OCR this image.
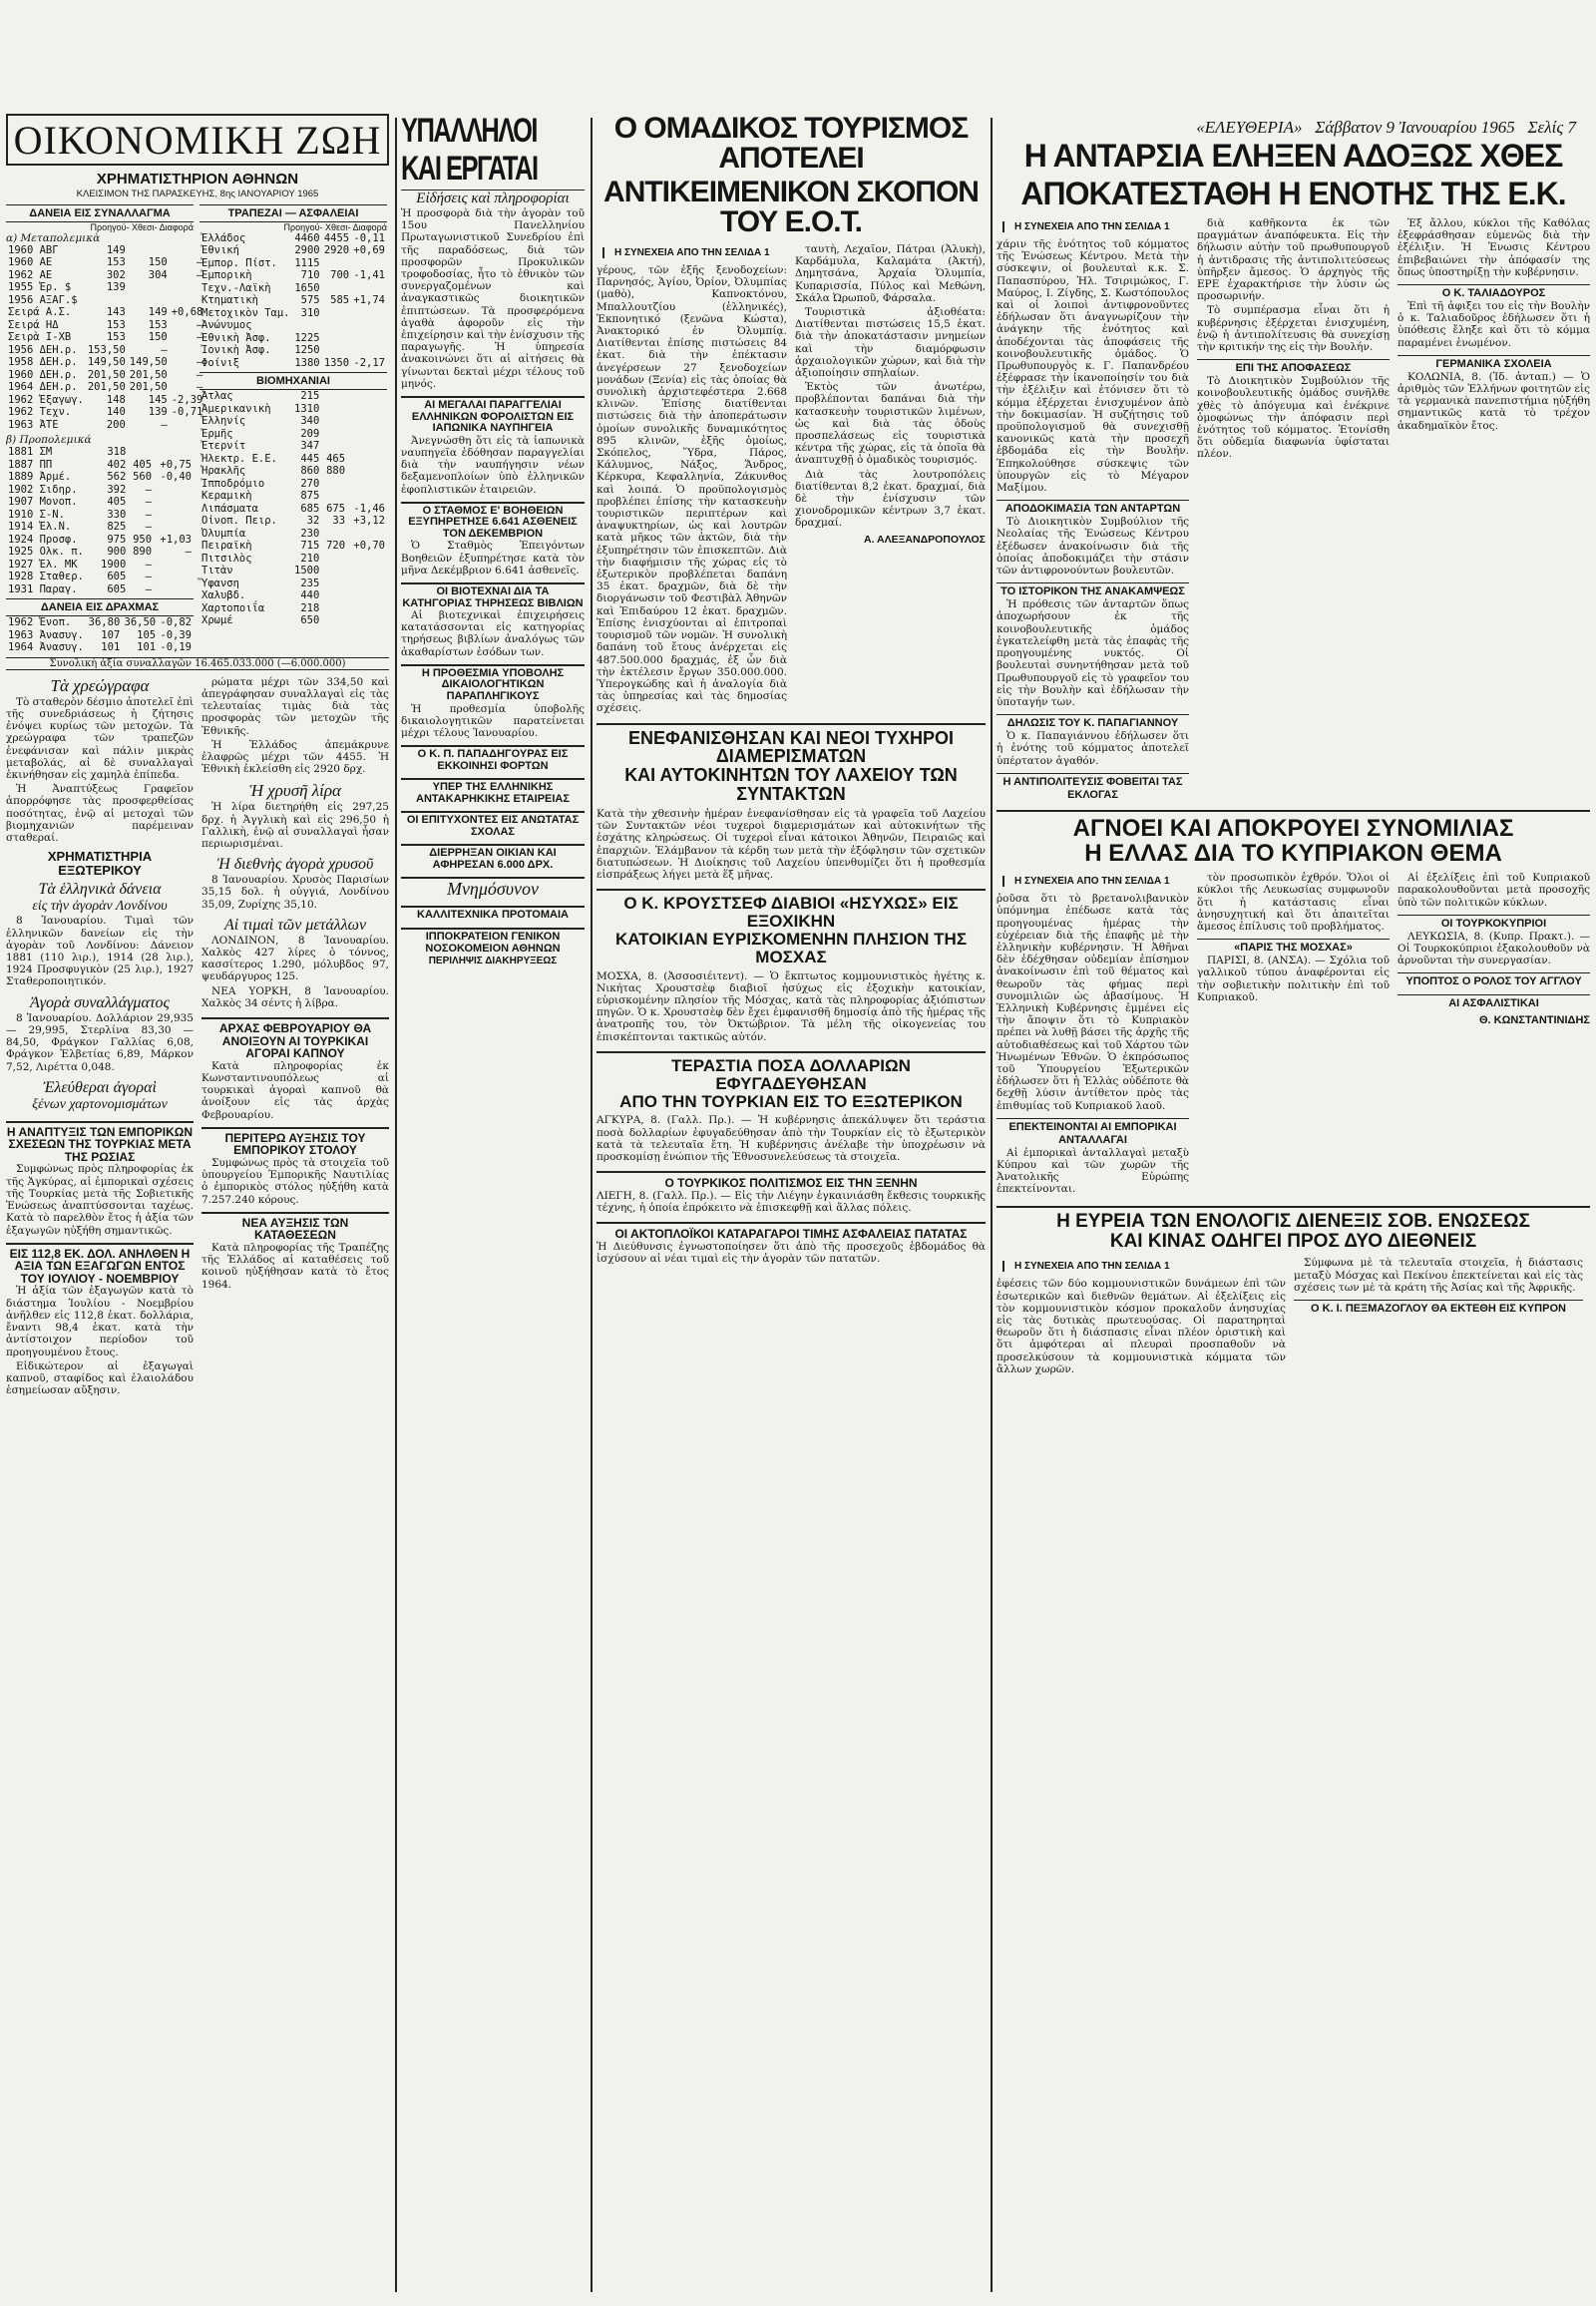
«ΕΛΕΥΘΕΡΙΑ» Σάββατον 9 Ἰανουαρίου 1965 Σελίς 7
ΟΙΚΟΝΟΜΙΚΗ ΖΩΗ
ΧΡΗΜΑΤΙΣΤΗΡΙΟΝ ΑΘΗΝΩΝ
ΚΛΕΙΣΙΜΟΝ ΤΗΣ ΠΑΡΑΣΚΕΥΗΣ, 8ης ΙΑΝΟΥΑΡΙΟΥ 1965
ΔΑΝΕΙΑ ΕΙΣ ΣΥΝΑΛΛΑΓΜΑ
Προηγού- Χθεσι- Διαφορά
α) Μεταπολεμικὰ
1960 ΑΒΓ	149		
1960 ΑΕ	153	150	—
1962 ΑΕ	302	304	—
1955 Ἐρ. $	139		
1956 ΑΞΑΓ.$			
Σειρά Α.Σ.	143	149	+0,68
Σειρά ΗΔ	153	153	—
Σειρὰ Ι-ΧΒ	153	150	—
1956 ΔΕΗ.ρ.	153,50	—	
1958 ΔΕΗ.ρ.	149,50	149,50	—
1960 ΔΕΗ.ρ.	201,50	201,50	—
1964 ΔΕΗ.ρ.	201,50	201,50	—
1962 Ἐξαγωγ.	148	145	-2,39
1962 Τεχν.	140	139	-0,71
1963 ἈΤΕ	200	—	
β) Προπολεμικά
1881 ΣΜ	318		
1887 ΠΠ	402	405	+0,75
1889 Ἀρμέ.	562	560	-0,40
1902 Σιδηρ.	392	—	
1907 Μονοπ.	405	—	
1910 Σ-Ν.	330	—	
1914 Ἐλ.Ν.	825	—	
1924 Προσφ.	975	950	+1,03
1925 Ολκ. π.	900	890	—
1927 Ἐλ. ΜΚ	1900	—	
1928 Σταθερ.	605	—	
1931 Παραγ.	605	—	
ΔΑΝΕΙΑ ΕΙΣ ΔΡΑΧΜΑΣ
1962 Ἐνοπ.	36,80	36,50	-0,82
1963 Ἀνασυγ.	107	105	-0,39
1964 Ἀνασυγ.	101	101	-0,19
ΤΡΑΠΕΖΑΙ — ΑΣΦΑΛΕΙΑΙ
Προηγού- Χθεσι- Διαφορά
Ἑλλάδος	4460	4455	-0,11
Ἐθνική	2900	2920	+0,69
Ἐμπορ. Πίστ.	1115		
Ἐμπορικὴ	710	700	-1,41
Τεχν.-Λαϊκὴ	1650		
Κτηματικὴ	575	585	+1,74
Μετοχικὸν Ταμ.	310		
Ἀνώνυμος			
Ἐθνικὴ Ἀσφ.	1225		
Ἰονικὴ Ἀσφ.	1250		
Φοίνιξ	1380	1350	-2,17
ΒΙΟΜΗΧΑΝΙΑΙ
Ἀτλας	215		
Ἀμερικανικὴ	1310		
Ἑλληνίς	340		
Ἑρμῆς	209		
Ἐτερνίτ	347		
Ἠλεκτρ. Ε.Ε.	445	465	
Ἡρακλῆς	860	880	
Ἰπποδρόμιο	270		
Κεραμικὴ	875		
Λιπάσματα	685	675	-1,46
Οἰνοπ. Πειρ.	32	33	+3,12
Ὀλυμπία	230		
Πειραϊκὴ	715	720	+0,70
Πιτσιλὸς	210		
Τιτὰν	1500		
Ὕφανση	235		
Χαλυβδ.	440		
Χαρτοποιΐα	218		
Χρωμέ	650		
Συνολικὴ ἀξία συναλλαγῶν 16.465.033.000 (—6.000.000)
Τὰ χρεώγραφα

Τὸ σταθερὸν δέσμιο ἀποτελεῖ ἐπὶ τῆς συνεδριάσεως ἡ ζήτησις ἐνόψει κυρίως τῶν μετοχῶν. Τὰ χρεώγραφα τῶν τραπεζῶν ἐνεφάνισαν καὶ πάλιν μικρὰς μεταβολάς, αἱ δὲ συναλλαγαὶ ἐκινήθησαν εἰς χαμηλὰ ἐπίπεδα.

Ἡ Ἀναπτύξεως Γραφεῖον ἀπορρόφησε τὰς προσφερθείσας ποσότητας, ἐνῷ αἱ μετοχαὶ τῶν βιομηχανιῶν παρέμειναν σταθεραί.

ΧΡΗΜΑΤΙΣΤΗΡΙΑ ΕΞΩΤΕΡΙΚΟΥ
Τὰ ἑλληνικὰ δάνεια
εἰς τὴν ἀγορὰν Λονδίνου

8 Ἰανουαρίου. Τιμαὶ τῶν ἑλληνικῶν δανείων εἰς τὴν ἀγορὰν τοῦ Λονδίνου: Δάνειον 1881 (110 λιρ.), 1914 (28 λιρ.), 1924 Προσφυγικὸν (25 λιρ.), 1927 Σταθεροποιητικόν.

Ἀγορὰ συναλλάγματος

8 Ἰανουαρίου. Δολλάριον 29,935 — 29,995, Στερλίνα 83,30 — 84,50, Φράγκον Γαλλίας 6,08, Φράγκον Ἑλβετίας 6,89, Μάρκον 7,52, Λιρέττα 0,048.

Ἐλεύθεραι ἀγοραὶ
ξένων χαρτονομισμάτων
Η ΑΝΑΠΤΥΞΙΣ ΤΩΝ ΕΜΠΟΡΙΚΩΝ ΣΧΕΣΕΩΝ ΤΗΣ ΤΟΥΡΚΙΑΣ ΜΕΤΑ ΤΗΣ ΡΩΣΙΑΣ

Συμφώνως πρὸς πληροφορίας ἐκ τῆς Ἀγκύρας, αἱ ἐμπορικαὶ σχέσεις τῆς Τουρκίας μετὰ τῆς Σοβιετικῆς Ἑνώσεως ἀναπτύσσονται ταχέως. Κατὰ τὸ παρελθὸν ἔτος ἡ ἀξία τῶν ἐξαγωγῶν ηὐξήθη σημαντικῶς.

ΕΙΣ 112,8 ΕΚ. ΔΟΛ. ΑΝΗΛΘΕΝ Η ΑΞΙΑ ΤΩΝ ΕΞΑΓΩΓΩΝ ΕΝΤΟΣ ΤΟΥ ΙΟΥΛΙΟΥ - ΝΟΕΜΒΡΙΟΥ

Ἡ ἀξία τῶν ἐξαγωγῶν κατὰ τὸ διάστημα Ἰουλίου - Νοεμβρίου ἀνῆλθεν εἰς 112,8 ἑκατ. δολλάρια, ἔναντι 98,4 ἑκατ. κατὰ τὴν ἀντίστοιχον περίοδον τοῦ προηγουμένου ἔτους.

Εἰδικώτερον αἱ ἐξαγωγαὶ καπνοῦ, σταφίδος καὶ ἐλαιολάδου ἐσημείωσαν αὔξησιν.

ρώματα μέχρι τῶν 334,50 καὶ ἀπεγράφησαν συναλλαγαὶ εἰς τὰς τελευταίας τιμὰς διὰ τὰς προσφορὰς τῶν μετοχῶν τῆς Ἐθνικῆς.

Ἡ Ἑλλάδος ἀπεμάκρυνε ἐλαφρῶς μέχρι τῶν 4455. Ἡ Ἐθνικὴ ἐκλείσθη εἰς 2920 δρχ.

Ἡ χρυσῆ λίρα

Ἡ λίρα διετηρήθη εἰς 297,25 δρχ. ἡ Ἀγγλικὴ καὶ εἰς 296,50 ἡ Γαλλικὴ, ἐνῷ αἱ συναλλαγαὶ ἦσαν περιωρισμέναι.

Ἡ διεθνὴς ἀγορὰ χρυσοῦ

8 Ἰανουαρίου. Χρυσὸς Παρισίων 35,15 δολ. ἡ οὐγγιά, Λονδίνου 35,09, Ζυρίχης 35,10.

Αἱ τιμαὶ τῶν μετάλλων

ΛΟΝΔΙΝΟΝ, 8 Ἰανουαρίου. Χαλκὸς 427 λίρες ὁ τόννος, κασσίτερος 1.290, μόλυβδος 97, ψευδάργυρος 125.

ΝΕΑ ΥΟΡΚΗ, 8 Ἰανουαρίου. Χαλκὸς 34 σέντς ἡ λίβρα.

ΑΡΧΑΣ ΦΕΒΡΟΥΑΡΙΟΥ ΘΑ ΑΝΟΙΞΟΥΝ ΑΙ ΤΟΥΡΚΙΚΑΙ ΑΓΟΡΑΙ ΚΑΠΝΟΥ

Κατὰ πληροφορίας ἐκ Κωνσταντινουπόλεως αἱ τουρκικαὶ ἀγοραὶ καπνοῦ θὰ ἀνοίξουν εἰς τὰς ἀρχὰς Φεβρουαρίου.

ΠΕΡΙΤΕΡΩ ΑΥΞΗΣΙΣ ΤΟΥ ΕΜΠΟΡΙΚΟΥ ΣΤΟΛΟΥ

Συμφώνως πρὸς τὰ στοιχεῖα τοῦ ὑπουργείου Ἐμπορικῆς Ναυτιλίας ὁ ἐμπορικὸς στόλος ηὐξήθη κατὰ 7.257.240 κόρους.

ΝΕΑ ΑΥΞΗΣΙΣ ΤΩΝ ΚΑΤΑΘΕΣΕΩΝ

Κατὰ πληροφορίας τῆς Τραπέζης τῆς Ἑλλάδος αἱ καταθέσεις τοῦ κοινοῦ ηὐξήθησαν κατὰ τὸ ἔτος 1964.

ΥΠΑΛΛΗΛΟΙ
ΚΑΙ ΕΡΓΑΤΑΙ
Εἰδήσεις καὶ πληροφορίαι
Ἡ προσφορὰ διὰ τὴν ἀγορὰν τοῦ 15ου Πανελληνίου Πρωταγωνιστικοῦ Συνεδρίου ἐπὶ τῆς παραδόσεως, διὰ τῶν προσφορῶν Προκυλικῶν τροφοδοσίας, ἦτο τὸ ἐθνικὸν τῶν συνεργαζομένων καὶ ἀναγκαστικῶς διοικητικῶν ἐπιπτώσεων. Τὰ προσφερόμενα ἀγαθὰ ἀφοροῦν εἰς τὴν ἐπιχείρησιν καὶ τὴν ἐνίσχυσιν τῆς παραγωγῆς. Ἡ ὑπηρεσία ἀνακοινώνει ὅτι αἱ αἰτήσεις θὰ γίνωνται δεκταὶ μέχρι τέλους τοῦ μηνός.
ΑΙ ΜΕΓΑΛΑΙ ΠΑΡΑΓΓΕΛΙΑΙ ΕΛΛΗΝΙΚΩΝ ΦΟΡΟΛΙΣΤΩΝ ΕΙΣ ΙΑΠΩΝΙΚΑ ΝΑΥΠΗΓΕΙΑ

Ἀνεγνώσθη ὅτι εἰς τὰ ἰαπωνικὰ ναυπηγεῖα ἐδόθησαν παραγγελίαι διὰ τὴν ναυπήγησιν νέων δεξαμενοπλοίων ὑπὸ ἑλληνικῶν ἐφοπλιστικῶν ἑταιρειῶν.

Ο ΣΤΑΘΜΟΣ Ε' ΒΟΗΘΕΙΩΝ ΕΞΥΠΗΡΕΤΗΣΕ 6.641 ΑΣΘΕΝΕΙΣ ΤΟΝ ΔΕΚΕΜΒΡΙΟΝ

Ὁ Σταθμὸς Ἐπειγόντων Βοηθειῶν ἐξυπηρέτησε κατὰ τὸν μῆνα Δεκέμβριον 6.641 ἀσθενεῖς.

ΟΙ ΒΙΟΤΕΧΝΑΙ ΔΙΑ ΤΑ ΚΑΤΗΓΟΡΙΑΣ ΤΗΡΗΣΕΩΣ ΒΙΒΛΙΩΝ

Αἱ βιοτεχνικαὶ ἐπιχειρήσεις κατατάσσονται εἰς κατηγορίας τηρήσεως βιβλίων ἀναλόγως τῶν ἀκαθαρίστων ἐσόδων των.

Η ΠΡΟΘΕΣΜΙΑ ΥΠΟΒΟΛΗΣ ΔΙΚΑΙΟΛΟΓΗΤΙΚΩΝ ΠΑΡΑΠΛΗΓΙΚΟΥΣ

Ἡ προθεσμία ὑποβολῆς δικαιολογητικῶν παρατείνεται μέχρι τέλους Ἰανουαρίου.

Ο Κ. Π. ΠΑΠΑΔΗΓΟΥΡΑΣ ΕΙΣ ΕΚΚΟΙΝΗΣΙ ΦΟΡΤΩΝ
ΥΠΕΡ ΤΗΣ ΕΛΛΗΝΙΚΗΣ ΑΝΤΑΚΑΡΗΚΙΚΗΣ ΕΤΑΙΡΕΙΑΣ
ΟΙ ΕΠΙΤΥΧΟΝΤΕΣ ΕΙΣ ΑΝΩΤΑΤΑΣ ΣΧΟΛΑΣ
ΔΙΕΡΡΗΞΑΝ ΟΙΚΙΑΝ ΚΑΙ ΑΦΗΡΕΣΑΝ 6.000 ΔΡΧ.
Μνημόσυνον
ΚΑΛΛΙΤΕΧΝΙΚΑ ΠΡΟΤΟΜΑΙΑ
ΙΠΠΟΚΡΑΤΕΙΟΝ ΓΕΝΙΚΟΝ ΝΟΣΟΚΟΜΕΙΟΝ ΑΘΗΝΩΝ
ΠΕΡΙΛΗΨΙΣ ΔΙΑΚΗΡΥΞΕΩΣ
Ο ΟΜΑΔΙΚΟΣ ΤΟΥΡΙΣΜΟΣ ΑΠΟΤΕΛΕΙ
ΑΝΤΙΚΕΙΜΕΝΙΚΟΝ ΣΚΟΠΟΝ ΤΟΥ Ε.Ο.Τ.
Η ΣΥΝΕΧΕΙΑ ΑΠΟ ΤΗΝ ΣΕΛΙΔΑ 1
γέρους, τῶν ἐξῆς ξενοδοχείων: Παρνησός, Ἀγίου, Ὀρίον, Ὀλυμπίας (μαθὸ), Καπνοκτόνου, Μπαλλουτζίου (ἑλληνικές), Ἐκπονητικό (ξενῶνα Κώστα), Ἀνακτορικό ἐν Ὀλυμπίᾳ. Διατίθενται ἐπίσης πιστώσεις 84 ἑκατ. διὰ τὴν ἐπέκτασιν ἀνεγέρσεων 27 ξενοδοχείων μονάδων (Ξενία) εἰς τὰς ὁποίας θὰ συνολικὴ ἀρχιστεφέστερα 2.668 κλινῶν. Ἐπίσης διατίθενται πιστώσεις διὰ τὴν ἀποπεράτωσιν ὁμοίων συνολικῆς δυναμικότητος 895 κλινῶν, ἐξῆς ὁμοίως, Σκόπελος, Ὕδρα, Πάρος, Κάλυμνος, Νάξος, Ἄνδρος, Κέρκυρα, Κεφαλληνία, Ζάκυνθος καὶ λοιπά. Ὁ προϋπολογισμὸς προβλέπει ἐπίσης τὴν κατασκευὴν τουριστικῶν περιπτέρων καὶ ἀναψυκτηρίων, ὡς καὶ λουτρῶν κατὰ μῆκος τῶν ἀκτῶν, διὰ τὴν ἐξυπηρέτησιν τῶν ἐπισκεπτῶν. Διὰ τὴν διαφήμισιν τῆς χώρας εἰς τὸ ἐξωτερικὸν προβλέπεται δαπάνη 35 ἑκατ. δραχμῶν, διὰ δὲ τὴν διοργάνωσιν τοῦ Φεστιβὰλ Ἀθηνῶν καὶ Ἐπιδαύρου 12 ἑκατ. δραχμῶν. Ἐπίσης ἐνισχύονται αἱ ἐπιτροπαὶ τουρισμοῦ τῶν νομῶν. Ἡ συνολικὴ δαπάνη τοῦ ἔτους ἀνέρχεται εἰς 487.500.000 δραχμάς, ἐξ ὧν διὰ τὴν ἐκτέλεσιν ἔργων 350.000.000. Ὑπερογκώδης καὶ ἡ ἀναλογία διὰ τὰς ὑπηρεσίας καὶ τὰς δημοσίας σχέσεις.

ταυτὴ, Λεχαῖον, Πάτραι (Ἀλυκὴ), Καρδάμυλα, Καλαμάτα (Ἀκτή), Δημητσάνα, Ἀρχαία Ὀλυμπία, Κυπαρισσία, Πύλος καὶ Μεθώνη, Σκάλα Ὠρωποῦ, Φάρσαλα.

Τουριστικὰ ἀξιοθέατα: Διατίθενται πιστώσεις 15,5 ἑκατ. διὰ τὴν ἀποκατάστασιν μνημείων καὶ τὴν διαμόρφωσιν ἀρχαιολογικῶν χώρων, καὶ διὰ τὴν ἀξιοποίησιν σπηλαίων.

Ἐκτὸς τῶν ἀνωτέρω, προβλέπονται δαπάναι διὰ τὴν κατασκευὴν τουριστικῶν λιμένων, ὡς καὶ διὰ τὰς ὁδοὺς προσπελάσεως εἰς τουριστικὰ κέντρα τῆς χώρας, εἰς τὰ ὁποῖα θὰ ἀναπτυχθῇ ὁ ὁμαδικὸς τουρισμός.

Διὰ τὰς λουτροπόλεις διατίθενται 8,2 ἑκατ. δραχμαί, διὰ δὲ τὴν ἐνίσχυσιν τῶν χιονοδρομικῶν κέντρων 3,7 ἑκατ. δραχμαί.

Α. ΑΛΕΞΑΝΔΡΟΠΟΥΛΟΣ
ΕΝΕΦΑΝΙΣΘΗΣΑΝ ΚΑΙ ΝΕΟΙ ΤΥΧΗΡΟΙ ΔΙΑΜΕΡΙΣΜΑΤΩΝ
ΚΑΙ ΑΥΤΟΚΙΝΗΤΩΝ ΤΟΥ ΛΑΧΕΙΟΥ ΤΩΝ ΣΥΝΤΑΚΤΩΝ
Κατὰ τὴν χθεσινὴν ἡμέραν ἐνεφανίσθησαν εἰς τὰ γραφεῖα τοῦ Λαχείου τῶν Συντακτῶν νέοι τυχεροὶ διαμερισμάτων καὶ αὐτοκινήτων τῆς ἐσχάτης κληρώσεως. Οἱ τυχεροὶ εἶναι κάτοικοι Ἀθηνῶν, Πειραιῶς καὶ ἐπαρχιῶν. Ἐλάμβανον τὰ κέρδη των μετὰ τὴν ἐξόφλησιν τῶν σχετικῶν διατυπώσεων. Ἡ Διοίκησις τοῦ Λαχείου ὑπενθυμίζει ὅτι ἡ προθεσμία εἰσπράξεως λήγει μετὰ ἕξ μῆνας.
Ο Κ. ΚΡΟΥΣΤΣΕΦ ΔΙΑΒΙΟΙ «ΗΣΥΧΩΣ» ΕΙΣ ΕΞΟΧΙΚΗΝ
ΚΑΤΟΙΚΙΑΝ ΕΥΡΙΣΚΟΜΕΝΗΝ ΠΛΗΣΙΟΝ ΤΗΣ ΜΟΣΧΑΣ
ΜΟΣΧΑ, 8. (Ἀσσοσιέιτεντ). — Ὁ ἔκπτωτος κομμουνιστικὸς ἡγέτης κ. Νικήτας Χρουστσὲφ διαβιοῖ ἡσύχως εἰς ἐξοχικὴν κατοικίαν, εὑρισκομένην πλησίον τῆς Μόσχας, κατὰ τὰς πληροφορίας ἀξιόπιστων πηγῶν. Ὁ κ. Χρουστσὲφ δὲν ἔχει ἐμφανισθῆ δημοσίᾳ ἀπὸ τῆς ἡμέρας τῆς ἀνατροπῆς του, τὸν Ὀκτώβριον. Τὰ μέλη τῆς οἰκογενείας του ἐπισκέπτονται τακτικῶς αὐτόν.
ΤΕΡΑΣΤΙΑ ΠΟΣΑ ΔΟΛΛΑΡΙΩΝ ΕΦΥΓΑΔΕΥΘΗΣΑΝ
ΑΠΟ ΤΗΝ ΤΟΥΡΚΙΑΝ ΕΙΣ ΤΟ ΕΞΩΤΕΡΙΚΟΝ
ΑΓΚΥΡΑ, 8. (Γαλλ. Πρ.). — Ἡ κυβέρνησις ἀπεκάλυψεν ὅτι τεράστια ποσὰ δολλαρίων ἐφυγαδεύθησαν ἀπὸ τὴν Τουρκίαν εἰς τὸ ἐξωτερικὸν κατὰ τὰ τελευταῖα ἔτη. Ἡ κυβέρνησις ἀνέλαβε τὴν ὑποχρέωσιν νὰ προσκομίσῃ ἐνώπιον τῆς Ἐθνοσυνελεύσεως τὰ στοιχεῖα.
Ο ΤΟΥΡΚΙΚΟΣ ΠΟΛΙΤΙΣΜΟΣ ΕΙΣ ΤΗΝ ΞΕΝΗΝ
ΛΙΕΓΗ, 8. (Γαλλ. Πρ.). — Εἰς τὴν Λιέγην ἐγκαινιάσθη ἔκθεσις τουρκικῆς τέχνης, ἡ ὁποία ἐπρόκειτο νὰ ἐπισκεφθῇ καὶ ἄλλας πόλεις.
ΟΙ ΑΚΤΟΠΛΟΪΚΟΙ ΚΑΤΑΡΑΓΑΡΟΙ ΤΙΜΗΣ ΑΣΦΑΛΕΙΑΣ ΠΑΤΑΤΑΣ
Ἡ Διεύθυνσις ἐγνωστοποίησεν ὅτι ἀπὸ τῆς προσεχοῦς ἑβδομάδος θὰ ἰσχύσουν αἱ νέαι τιμαὶ εἰς τὴν ἀγορὰν τῶν πατατῶν.
Η ΑΝΤΑΡΣΙΑ ΕΛΗΞΕΝ ΑΔΟΞΩΣ ΧΘΕΣ
ΑΠΟΚΑΤΕΣΤΑΘΗ Η ΕΝΟΤΗΣ ΤΗΣ Ε.Κ.
Η ΣΥΝΕΧΕΙΑ ΑΠΟ ΤΗΝ ΣΕΛΙΔΑ 1
χάριν τῆς ἑνότητος τοῦ κόμματος τῆς Ἑνώσεως Κέντρου. Μετὰ τὴν σύσκεψιν, οἱ βουλευταὶ κ.κ. Σ. Παπασπύρου, Ἠλ. Τσιριμώκος, Γ. Μαύρος, Ι. Ζίγδης, Σ. Κωστόπουλος καὶ οἱ λοιποὶ ἀντιφρονοῦντες ἐδήλωσαν ὅτι ἀναγνωρίζουν τὴν ἀνάγκην τῆς ἑνότητος καὶ ἀποδέχονται τὰς ἀποφάσεις τῆς κοινοβουλευτικῆς ὁμάδος. Ὁ Πρωθυπουργὸς κ. Γ. Παπανδρέου ἐξέφρασε τὴν ἱκανοποίησίν του διὰ τὴν ἐξέλιξιν καὶ ἐτόνισεν ὅτι τὸ κόμμα ἐξέρχεται ἐνισχυμένον ἀπὸ τὴν δοκιμασίαν. Ἡ συζήτησις τοῦ προϋπολογισμοῦ θὰ συνεχισθῇ κανονικῶς κατὰ τὴν προσεχῆ ἑβδομάδα εἰς τὴν Βουλήν. Ἐπηκολούθησε σύσκεψις τῶν ὑπουργῶν εἰς τὸ Μέγαρον Μαξίμου.
ΑΠΟΔΟΚΙΜΑΣΙΑ ΤΩΝ ΑΝΤΑΡΤΩΝ

Τὸ Διοικητικὸν Συμβούλιον τῆς Νεολαίας τῆς Ἑνώσεως Κέντρου ἐξέδωσεν ἀνακοίνωσιν διὰ τῆς ὁποίας ἀποδοκιμάζει τὴν στάσιν τῶν ἀντιφρονούντων βουλευτῶν.

ΤΟ ΙΣΤΟΡΙΚΟΝ ΤΗΣ ΑΝΑΚΑΜΨΕΩΣ

Ἡ πρόθεσις τῶν ἀνταρτῶν ὅπως ἀποχωρήσουν ἐκ τῆς κοινοβουλευτικῆς ὁμάδος ἐγκατελείφθη μετὰ τὰς ἐπαφὰς τῆς προηγουμένης νυκτός. Οἱ βουλευταὶ συνηντήθησαν μετὰ τοῦ Πρωθυπουργοῦ εἰς τὸ γραφεῖον του εἰς τὴν Βουλὴν καὶ ἐδήλωσαν τὴν ὑποταγήν των.

ΔΗΛΩΣΙΣ ΤΟΥ Κ. ΠΑΠΑΓΙΑΝΝΟΥ

Ὁ κ. Παπαγιάννου ἐδήλωσεν ὅτι ἡ ἑνότης τοῦ κόμματος ἀποτελεῖ ὑπέρτατον ἀγαθόν.

Η ΑΝΤΙΠΟΛΙΤΕΥΣΙΣ ΦΟΒΕΙΤΑΙ ΤΑΣ ΕΚΛΟΓΑΣ

διὰ καθῆκοντα ἐκ τῶν πραγμάτων ἀναπόφευκτα. Εἰς τὴν δήλωσιν αὐτὴν τοῦ πρωθυπουργοῦ ἡ ἀντιδρασις τῆς ἀντιπολιτεύσεως ὑπῆρξεν ἄμεσος. Ὁ ἀρχηγὸς τῆς ΕΡΕ ἐχαρακτήρισε τὴν λύσιν ὡς προσωρινήν.

Τὸ συμπέρασμα εἶναι ὅτι ἡ κυβέρνησις ἐξέρχεται ἐνισχυμένη, ἐνῷ ἡ ἀντιπολίτευσις θὰ συνεχίσῃ τὴν κριτικήν της εἰς τὴν Βουλήν.

ΕΠΙ ΤΗΣ ΑΠΟΦΑΣΕΩΣ

Τὸ Διοικητικὸν Συμβούλιον τῆς κοινοβουλευτικῆς ὁμάδος συνῆλθε χθὲς τὸ ἀπόγευμα καὶ ἐνέκρινε ὁμοφώνως τὴν ἀπόφασιν περὶ ἑνότητος τοῦ κόμματος. Ἐτονίσθη ὅτι οὐδεμία διαφωνία ὑφίσταται πλέον.

Ἐξ ἄλλου, κύκλοι τῆς Καθόλας ἐξεφράσθησαν εὐμενῶς διὰ τὴν ἐξέλιξιν. Ἡ Ἑνωσις Κέντρου ἐπιβεβαιώνει τὴν ἀπόφασίν της ὅπως ὑποστηρίξῃ τὴν κυβέρνησιν.

Ο Κ. ΤΑΛΙΑΔΟΥΡΟΣ

Ἐπὶ τῆ ἀφιξει του εἰς τὴν Βουλὴν ὁ κ. Ταλιαδοῦρος ἐδήλωσεν ὅτι ἡ ὑπόθεσις ἔληξε καὶ ὅτι τὸ κόμμα παραμένει ἑνωμένον.

ΓΕΡΜΑΝΙΚΑ ΣΧΟΛΕΙΑ

ΚΟΛΩΝΙΑ, 8. (Ἰδ. ἀνταπ.) — Ὁ ἀριθμὸς τῶν Ἑλλήνων φοιτητῶν εἰς τὰ γερμανικὰ πανεπιστήμια ηὐξήθη σημαντικῶς κατὰ τὸ τρέχον ἀκαδημαϊκὸν ἔτος.

ΑΓΝΟΕΙ ΚΑΙ ΑΠΟΚΡΟΥΕΙ ΣΥΝΟΜΙΛΙΑΣ
Η ΕΛΛΑΣ ΔΙΑ ΤΟ ΚΥΠΡΙΑΚΟΝ ΘΕΜΑ
Η ΣΥΝΕΧΕΙΑ ΑΠΟ ΤΗΝ ΣΕΛΙΔΑ 1
ῥοῦσα ὅτι τὸ βρετανολιβανικὸν ὑπόμνημα ἐπέδωσε κατὰ τὰς προηγουμένας ἡμέρας τὴν εὐχέρειαν διὰ τῆς ἐπαφῆς μὲ τὴν ἑλληνικὴν κυβέρνησιν. Ἡ Ἀθῆναι δὲν ἐδέχθησαν οὐδεμίαν ἐπίσημον ἀνακοίνωσιν ἐπὶ τοῦ θέματος καὶ θεωροῦν τὰς φήμας περὶ συνομιλιῶν ὡς ἀβασίμους. Ἡ Ἑλληνικὴ Κυβέρνησις ἐμμένει εἰς τὴν ἄποψιν ὅτι τὸ Κυπριακὸν πρέπει νὰ λυθῇ βάσει τῆς ἀρχῆς τῆς αὐτοδιαθέσεως καὶ τοῦ Χάρτου τῶν Ἡνωμένων Ἐθνῶν. Ὁ ἐκπρόσωπος τοῦ Ὑπουργείου Ἐξωτερικῶν ἐδήλωσεν ὅτι ἡ Ἑλλὰς οὐδέποτε θὰ δεχθῇ λύσιν ἀντίθετον πρὸς τὰς ἐπιθυμίας τοῦ Κυπριακοῦ λαοῦ.
ΕΠΕΚΤΕΙΝΟΝΤΑΙ ΑΙ ΕΜΠΟΡΙΚΑΙ ΑΝΤΑΛΛΑΓΑΙ

Αἱ ἐμπορικαὶ ἀνταλλαγαὶ μεταξὺ Κύπρου καὶ τῶν χωρῶν τῆς Ἀνατολικῆς Εὐρώπης ἐπεκτείνονται.

τὸν προσωπικὸν ἐχθρόν. Ὅλοι οἱ κύκλοι τῆς Λευκωσίας συμφωνοῦν ὅτι ἡ κατάστασις εἶναι ἀνησυχητική καὶ ὅτι ἀπαιτεῖται ἄμεσος ἐπίλυσις τοῦ προβλήματος.

«ΠΑΡΙΣ ΤΗΣ ΜΟΣΧΑΣ»

ΠΑΡΙΣΙ, 8. (ΑΝΣΑ). — Σχόλια τοῦ γαλλικοῦ τύπου ἀναφέρονται εἰς τὴν σοβιετικὴν πολιτικὴν ἐπὶ τοῦ Κυπριακοῦ.

Αἱ ἐξελίξεις ἐπὶ τοῦ Κυπριακοῦ παρακολουθοῦνται μετὰ προσοχῆς ὑπὸ τῶν πολιτικῶν κύκλων.

ΟΙ ΤΟΥΡΚΟΚΥΠΡΙΟΙ

ΛΕΥΚΩΣΙΑ, 8. (Κυπρ. Πρακτ.). — Οἱ Τουρκοκύπριοι ἐξακολουθοῦν νὰ ἀρνοῦνται τὴν συνεργασίαν.

ΥΠΟΠΤΟΣ Ο ΡΟΛΟΣ ΤΟΥ ΑΓΓΛΟΥ
ΑΙ ΑΣΦΑΛΙΣΤΙΚΑΙ
Θ. ΚΩΝΣΤΑΝΤΙΝΙΔΗΣ
Η ΕΥΡΕΙΑ ΤΩΝ ΕΝΟΛΟΓΙΣ ΔΙΕΝΕΞΙΣ ΣΟΒ. ΕΝΩΣΕΩΣ
ΚΑΙ ΚΙΝΑΣ ΟΔΗΓΕΙ ΠΡΟΣ ΔΥΟ ΔΙΕΘΝΕΙΣ
Η ΣΥΝΕΧΕΙΑ ΑΠΟ ΤΗΝ ΣΕΛΙΔΑ 1
ἐφέσεις τῶν δύο κομμουνιστικῶν δυνάμεων ἐπὶ τῶν ἐσωτερικῶν καὶ διεθνῶν θεμάτων. Αἱ ἐξελίξεις εἰς τὸν κομμουνιστικὸν κόσμον προκαλοῦν ἀνησυχίας εἰς τὰς δυτικὰς πρωτευούσας. Οἱ παρατηρηταὶ θεωροῦν ὅτι ἡ διάσπασις εἶναι πλέον ὁριστικὴ καὶ ὅτι ἀμφότεραι αἱ πλευραὶ προσπαθοῦν νὰ προσελκύσουν τὰ κομμουνιστικὰ κόμματα τῶν ἄλλων χωρῶν.

Σύμφωνα μὲ τὰ τελευταῖα στοιχεῖα, ἡ διάστασις μεταξὺ Μόσχας καὶ Πεκίνου ἐπεκτείνεται καὶ εἰς τὰς σχέσεις των μὲ τὰ κράτη τῆς Ἀσίας καὶ τῆς Ἀφρικῆς.

Ο Κ. Ι. ΠΕΞΜΑΖΟΓΛΟΥ ΘΑ ΕΚΤΕΘΗ ΕΙΣ ΚΥΠΡΟΝ
